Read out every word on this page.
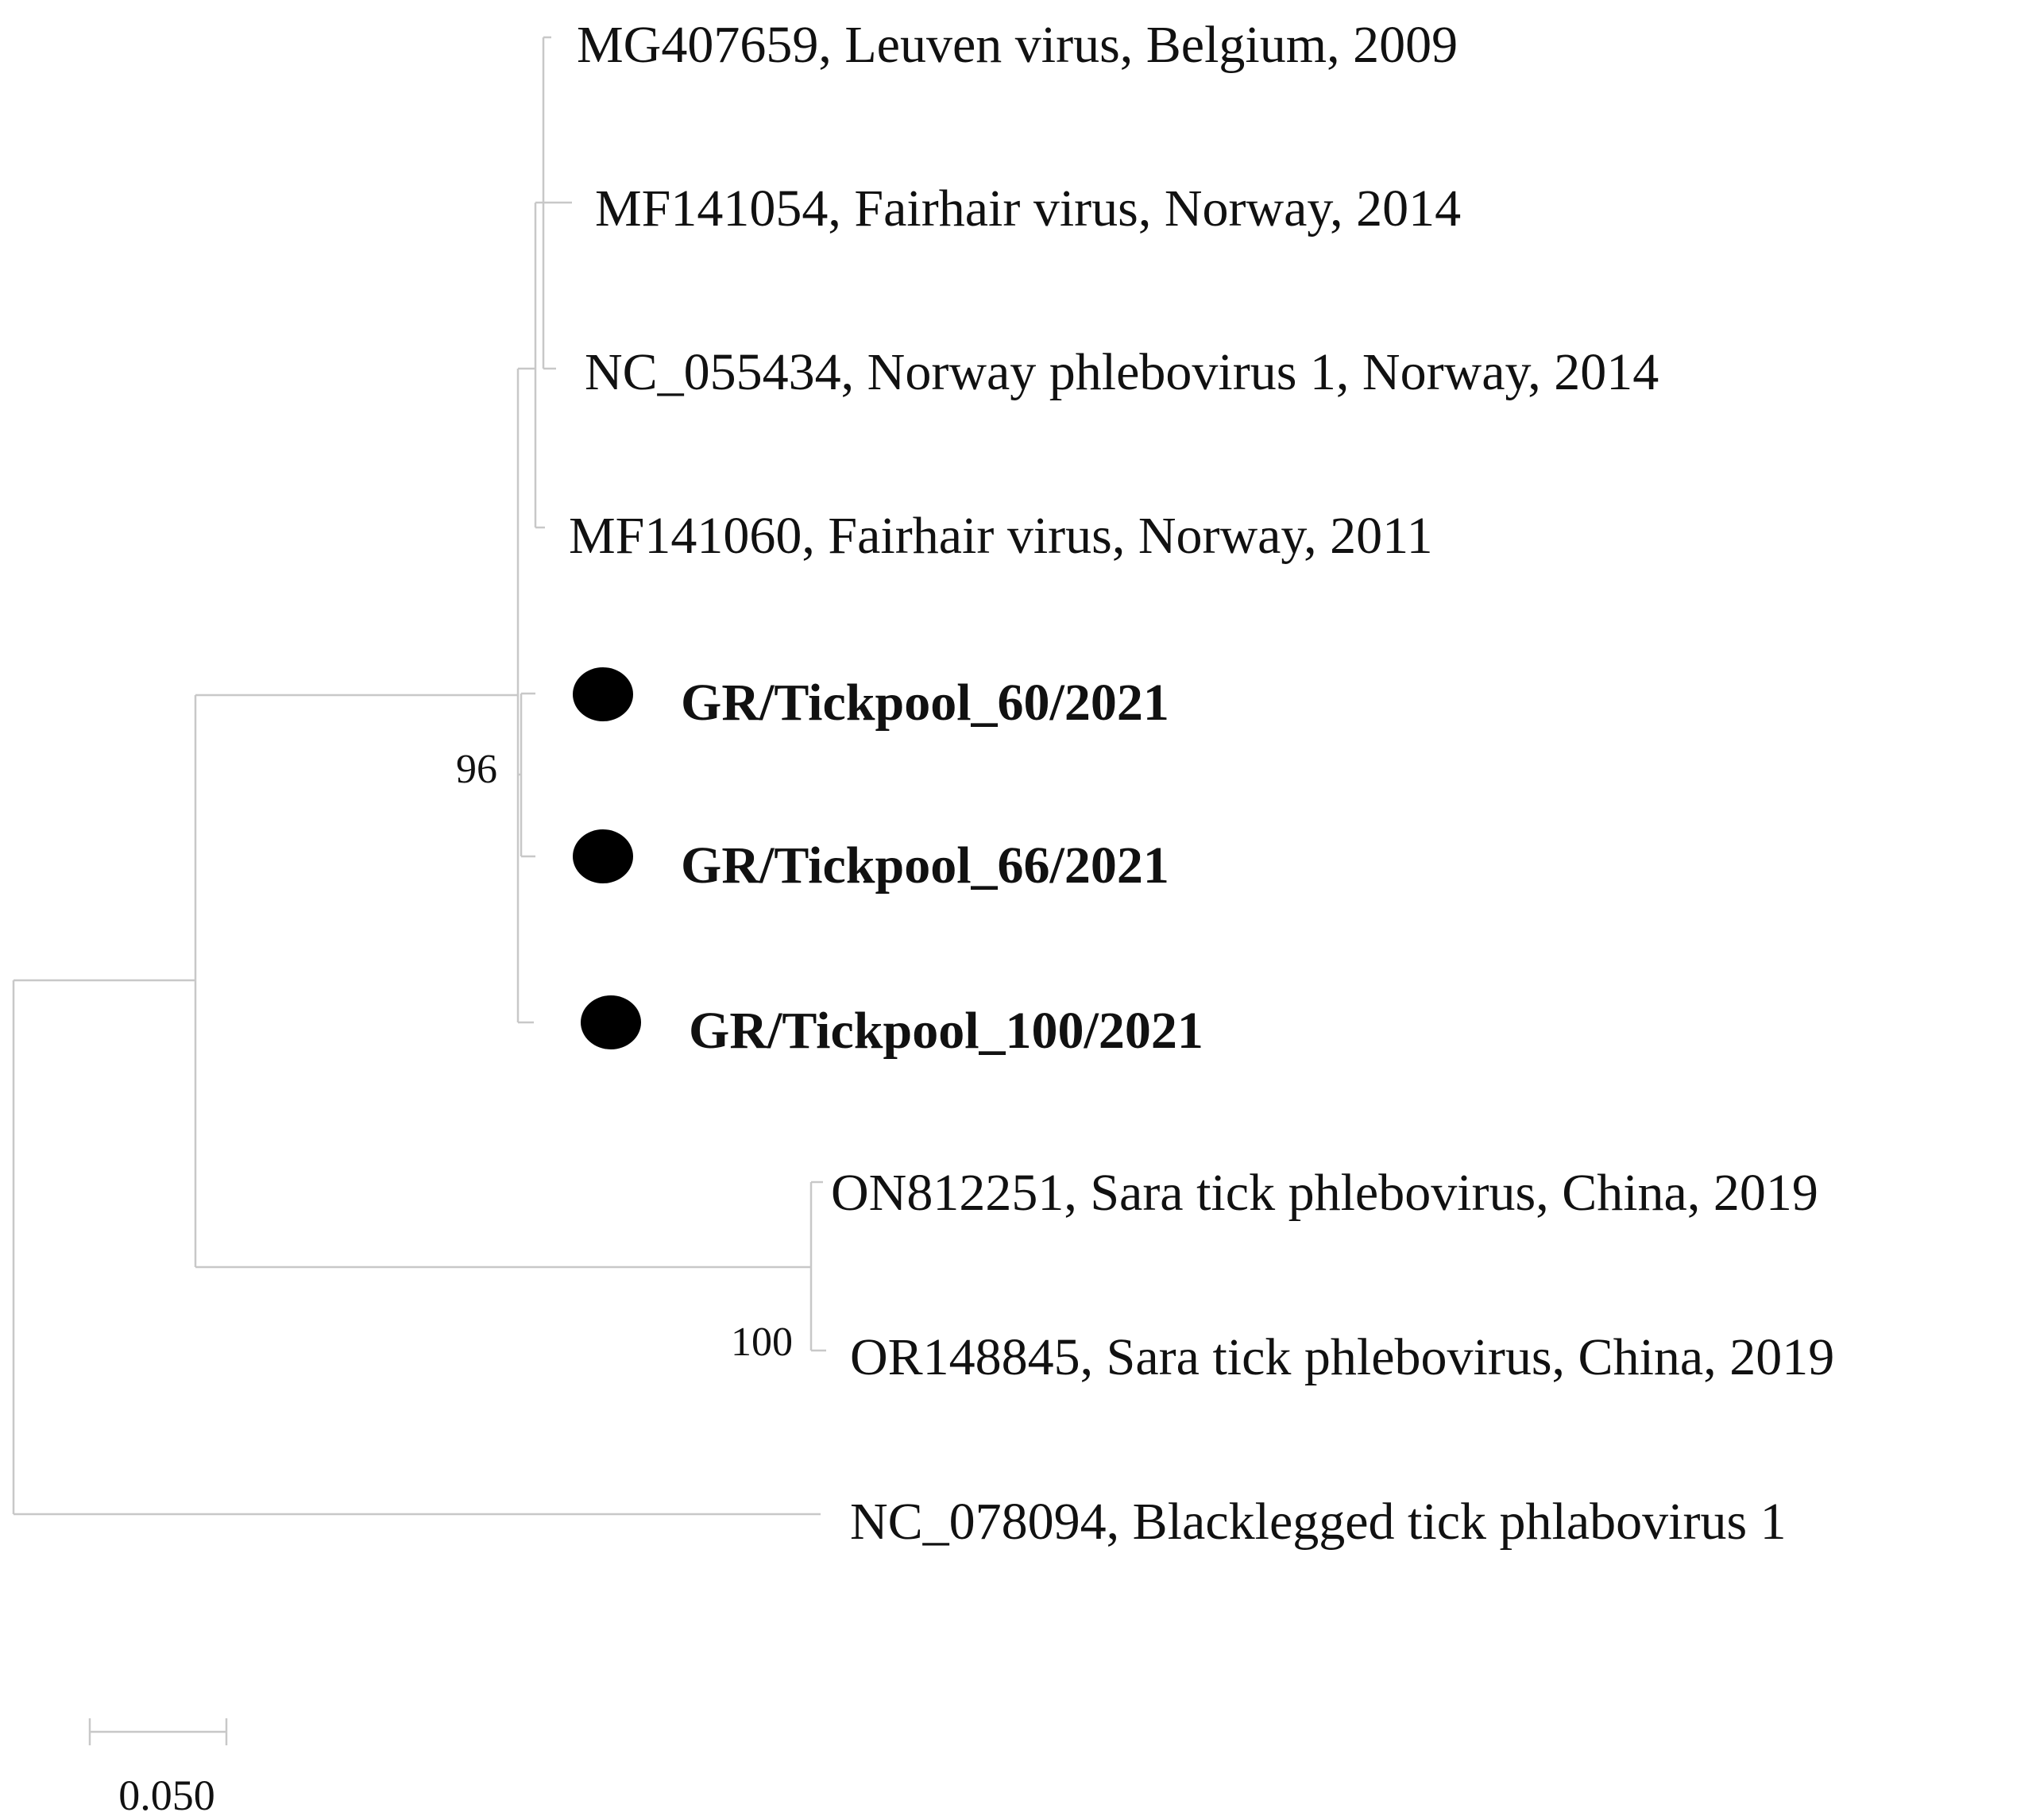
MG407659, Leuven virus, Belgium, 2009
MF141054, Fairhair virus, Norway, 2014
NC_055434, Norway phlebovirus 1, Norway, 2014
MF141060, Fairhair virus, Norway, 2011
GR/Tickpool_60/2021
GR/Tickpool_66/2021
GR/Tickpool_100/2021
ON812251, Sara tick phlebovirus, China, 2019
OR148845, Sara tick phlebovirus, China, 2019
NC_078094, Blacklegged tick phlabovirus 1
96
100
0.050
